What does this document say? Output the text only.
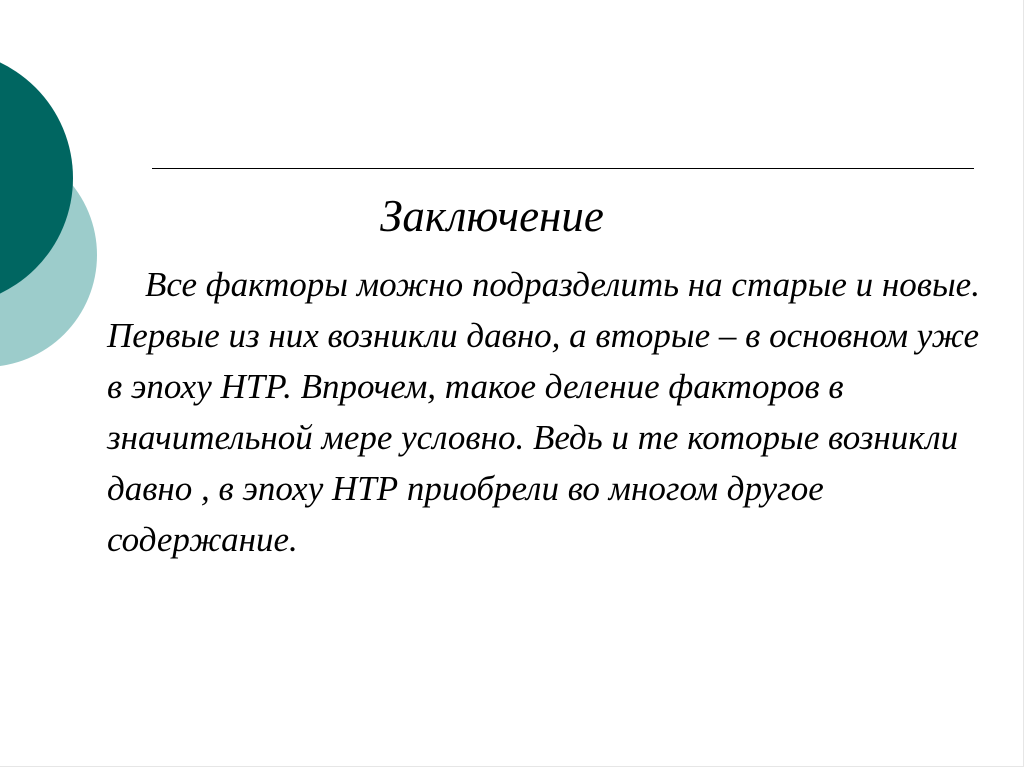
Заключение

Все факторы можно подразделить на старые и новые. Первые из них возникли давно, а вторые – в основном уже в эпоху НТР. Впрочем, такое деление факторов в значительной мере условно. Ведь и те которые возникли давно , в эпоху НТР приобрели во многом другое содержание.
